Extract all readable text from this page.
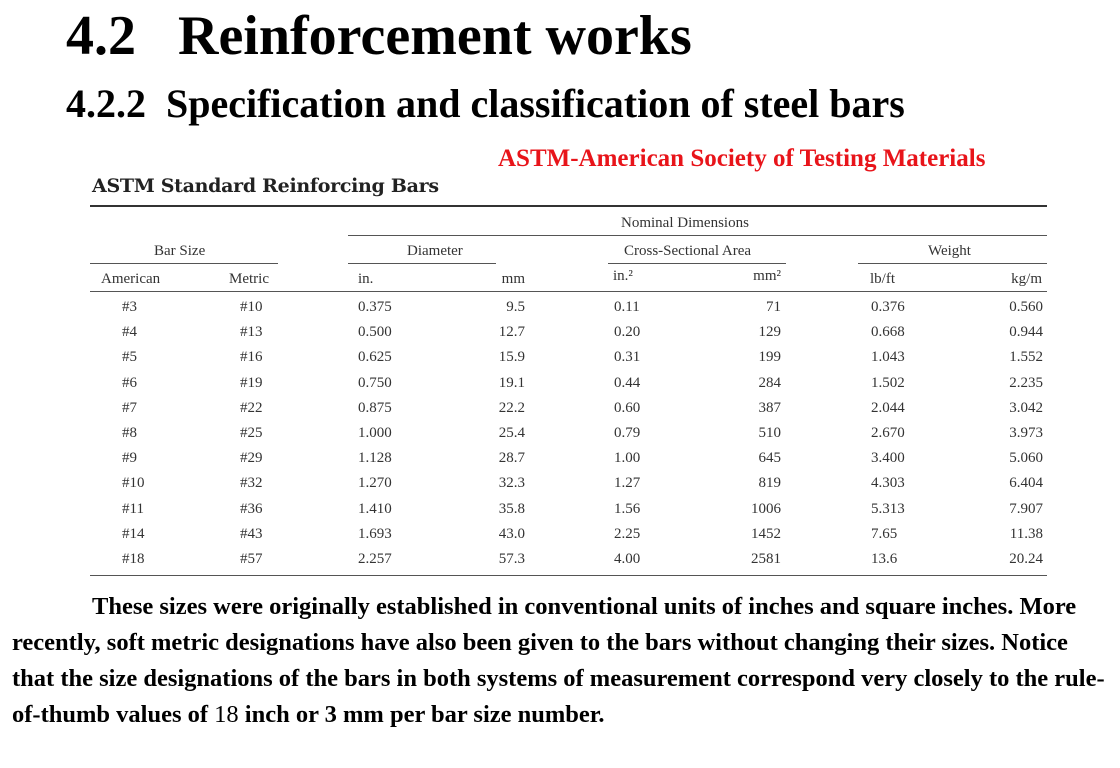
4.2 Reinforcement works
4.2.2 Specification and classification of steel bars
ASTM-American Society of Testing Materials
ASTM Standard Reinforcing Bars
Nominal Dimensions
Bar Size	Diameter	Cross-Sectional Area	Weight
American	Metric	in.	mm	in.²	mm²	lb/ft	kg/m
#3	#10	0.375	9.5	0.11	71	0.376	0.560
#4	#13	0.500	12.7	0.20	129	0.668	0.944
#5	#16	0.625	15.9	0.31	199	1.043	1.552
#6	#19	0.750	19.1	0.44	284	1.502	2.235
#7	#22	0.875	22.2	0.60	387	2.044	3.042
#8	#25	1.000	25.4	0.79	510	2.670	3.973
#9	#29	1.128	28.7	1.00	645	3.400	5.060
#10	#32	1.270	32.3	1.27	819	4.303	6.404
#11	#36	1.410	35.8	1.56	1006	5.313	7.907
#14	#43	1.693	43.0	2.25	1452	7.65	11.38
#18	#57	2.257	57.3	4.00	2581	13.6	20.24
These sizes were originally established in conventional units of inches and square inches. More recently, soft metric designations have also been given to the bars without changing their sizes. Notice that the size designations of the bars in both systems of measurement correspond very closely to the rule-of-thumb values of 18 inch or 3 mm per bar size number.
